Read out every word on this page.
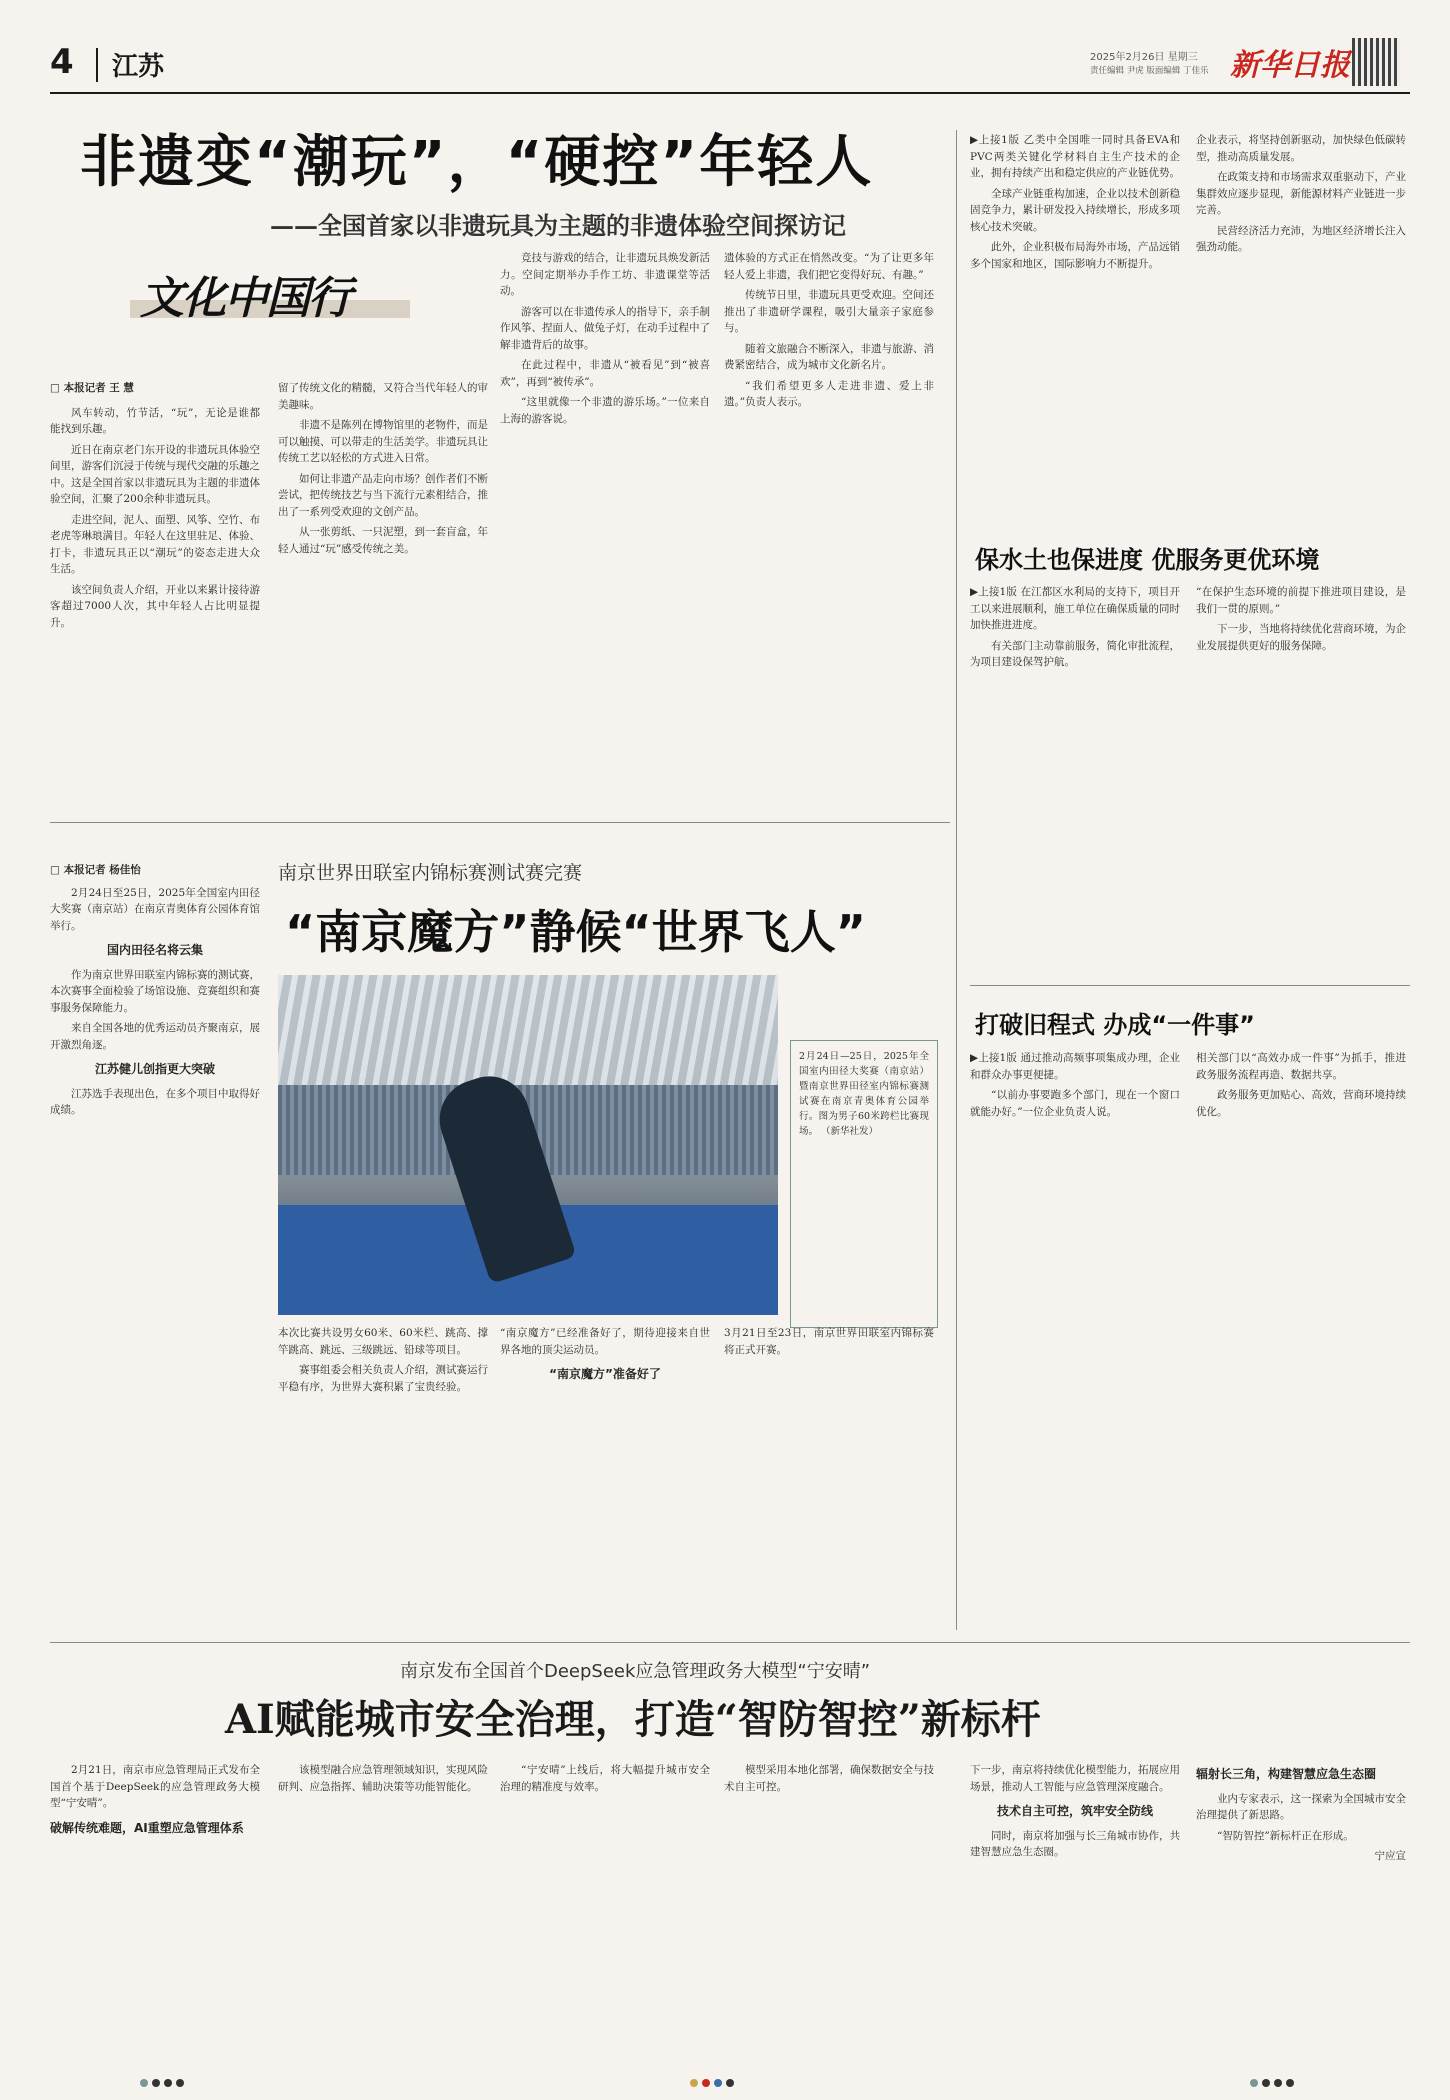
4	江苏	2025年2月26日 星期三
责任编辑 尹虎 版面编辑 丁佳乐 新华日报
非遗变“潮玩”，“硬控”年轻人
——全国首家以非遗玩具为主题的非遗体验空间探访记
文化中国行
□ 本报记者 王 慧

风车转动，竹节活，“玩”，无论是谁都能找到乐趣。

近日在南京老门东开设的非遗玩具体验空间里，游客们沉浸于传统与现代交融的乐趣之中。这是全国首家以非遗玩具为主题的非遗体验空间，汇聚了200余种非遗玩具。

走进空间，泥人、面塑、风筝、空竹、布老虎等琳琅满目。年轻人在这里驻足、体验、打卡，非遗玩具正以“潮玩”的姿态走进大众生活。

该空间负责人介绍，开业以来累计接待游客超过7000人次，其中年轻人占比明显提升。

留了传统文化的精髓，又符合当代年轻人的审美趣味。

非遗不是陈列在博物馆里的老物件，而是可以触摸、可以带走的生活美学。非遗玩具让传统工艺以轻松的方式进入日常。

如何让非遗产品走向市场？创作者们不断尝试，把传统技艺与当下流行元素相结合，推出了一系列受欢迎的文创产品。

从一张剪纸、一只泥塑，到一套盲盒，年轻人通过“玩”感受传统之美。

竞技与游戏的结合，让非遗玩具焕发新活力。空间定期举办手作工坊、非遗课堂等活动。

游客可以在非遗传承人的指导下，亲手制作风筝、捏面人、做兔子灯，在动手过程中了解非遗背后的故事。

在此过程中，非遗从“被看见”到“被喜欢”，再到“被传承”。

“这里就像一个非遗的游乐场。”一位来自上海的游客说。

遗体验的方式正在悄然改变。“为了让更多年轻人爱上非遗，我们把它变得好玩、有趣。”

传统节日里，非遗玩具更受欢迎。空间还推出了非遗研学课程，吸引大量亲子家庭参与。

随着文旅融合不断深入，非遗与旅游、消费紧密结合，成为城市文化新名片。

“我们希望更多人走进非遗、爱上非遗。”负责人表示。

▶上接1版 乙类中全国唯一同时具备EVA和PVC两类关键化学材料自主生产技术的企业，拥有持续产出和稳定供应的产业链优势。

全球产业链重构加速，企业以技术创新稳固竞争力，累计研发投入持续增长，形成多项核心技术突破。

此外，企业积极布局海外市场，产品远销多个国家和地区，国际影响力不断提升。

企业表示，将坚持创新驱动，加快绿色低碳转型，推动高质量发展。

在政策支持和市场需求双重驱动下，产业集群效应逐步显现，新能源材料产业链进一步完善。

民营经济活力充沛，为地区经济增长注入强劲动能。

保水土也保进度 优服务更优环境

▶上接1版 在江都区水利局的支持下，项目开工以来进展顺利，施工单位在确保质量的同时加快推进进度。

有关部门主动靠前服务，简化审批流程，为项目建设保驾护航。

“在保护生态环境的前提下推进项目建设，是我们一贯的原则。”

下一步，当地将持续优化营商环境，为企业发展提供更好的服务保障。

打破旧程式 办成“一件事”

▶上接1版 通过推动高频事项集成办理，企业和群众办事更便捷。

“以前办事要跑多个部门，现在一个窗口就能办好。”一位企业负责人说。

相关部门以“高效办成一件事”为抓手，推进政务服务流程再造、数据共享。

政务服务更加贴心、高效，营商环境持续优化。

南京世界田联室内锦标赛测试赛完赛
“南京魔方”静候“世界飞人”
□ 本报记者 杨佳怡

2月24日至25日，2025年全国室内田径大奖赛（南京站）在南京青奥体育公园体育馆举行。

国内田径名将云集

作为南京世界田联室内锦标赛的测试赛，本次赛事全面检验了场馆设施、竞赛组织和赛事服务保障能力。

来自全国各地的优秀运动员齐聚南京，展开激烈角逐。

江苏健儿创指更大突破

江苏选手表现出色，在多个项目中取得好成绩。

2月24日—25日，2025年全国室内田径大奖赛（南京站）暨南京世界田径室内锦标赛测试赛在南京青奥体育公园举行。图为男子60米跨栏比赛现场。 （新华社发）

本次比赛共设男女60米、60米栏、跳高、撑竿跳高、跳远、三级跳远、铅球等项目。

赛事组委会相关负责人介绍，测试赛运行平稳有序，为世界大赛积累了宝贵经验。

“南京魔方”已经准备好了，期待迎接来自世界各地的顶尖运动员。

“南京魔方”准备好了

3月21日至23日，南京世界田联室内锦标赛将正式开赛。

南京发布全国首个DeepSeek应急管理政务大模型“宁安晴”
AI赋能城市安全治理，打造“智防智控”新标杆

2月21日，南京市应急管理局正式发布全国首个基于DeepSeek的应急管理政务大模型“宁安晴”。

破解传统难题，AI重塑应急管理体系

该模型融合应急管理领域知识，实现风险研判、应急指挥、辅助决策等功能智能化。

“宁安晴”上线后，将大幅提升城市安全治理的精准度与效率。

模型采用本地化部署，确保数据安全与技术自主可控。

下一步，南京将持续优化模型能力，拓展应用场景，推动人工智能与应急管理深度融合。

技术自主可控，筑牢安全防线

同时，南京将加强与长三角城市协作，共建智慧应急生态圈。

辐射长三角，构建智慧应急生态圈

业内专家表示，这一探索为全国城市安全治理提供了新思路。

“智防智控”新标杆正在形成。

宁应宣
